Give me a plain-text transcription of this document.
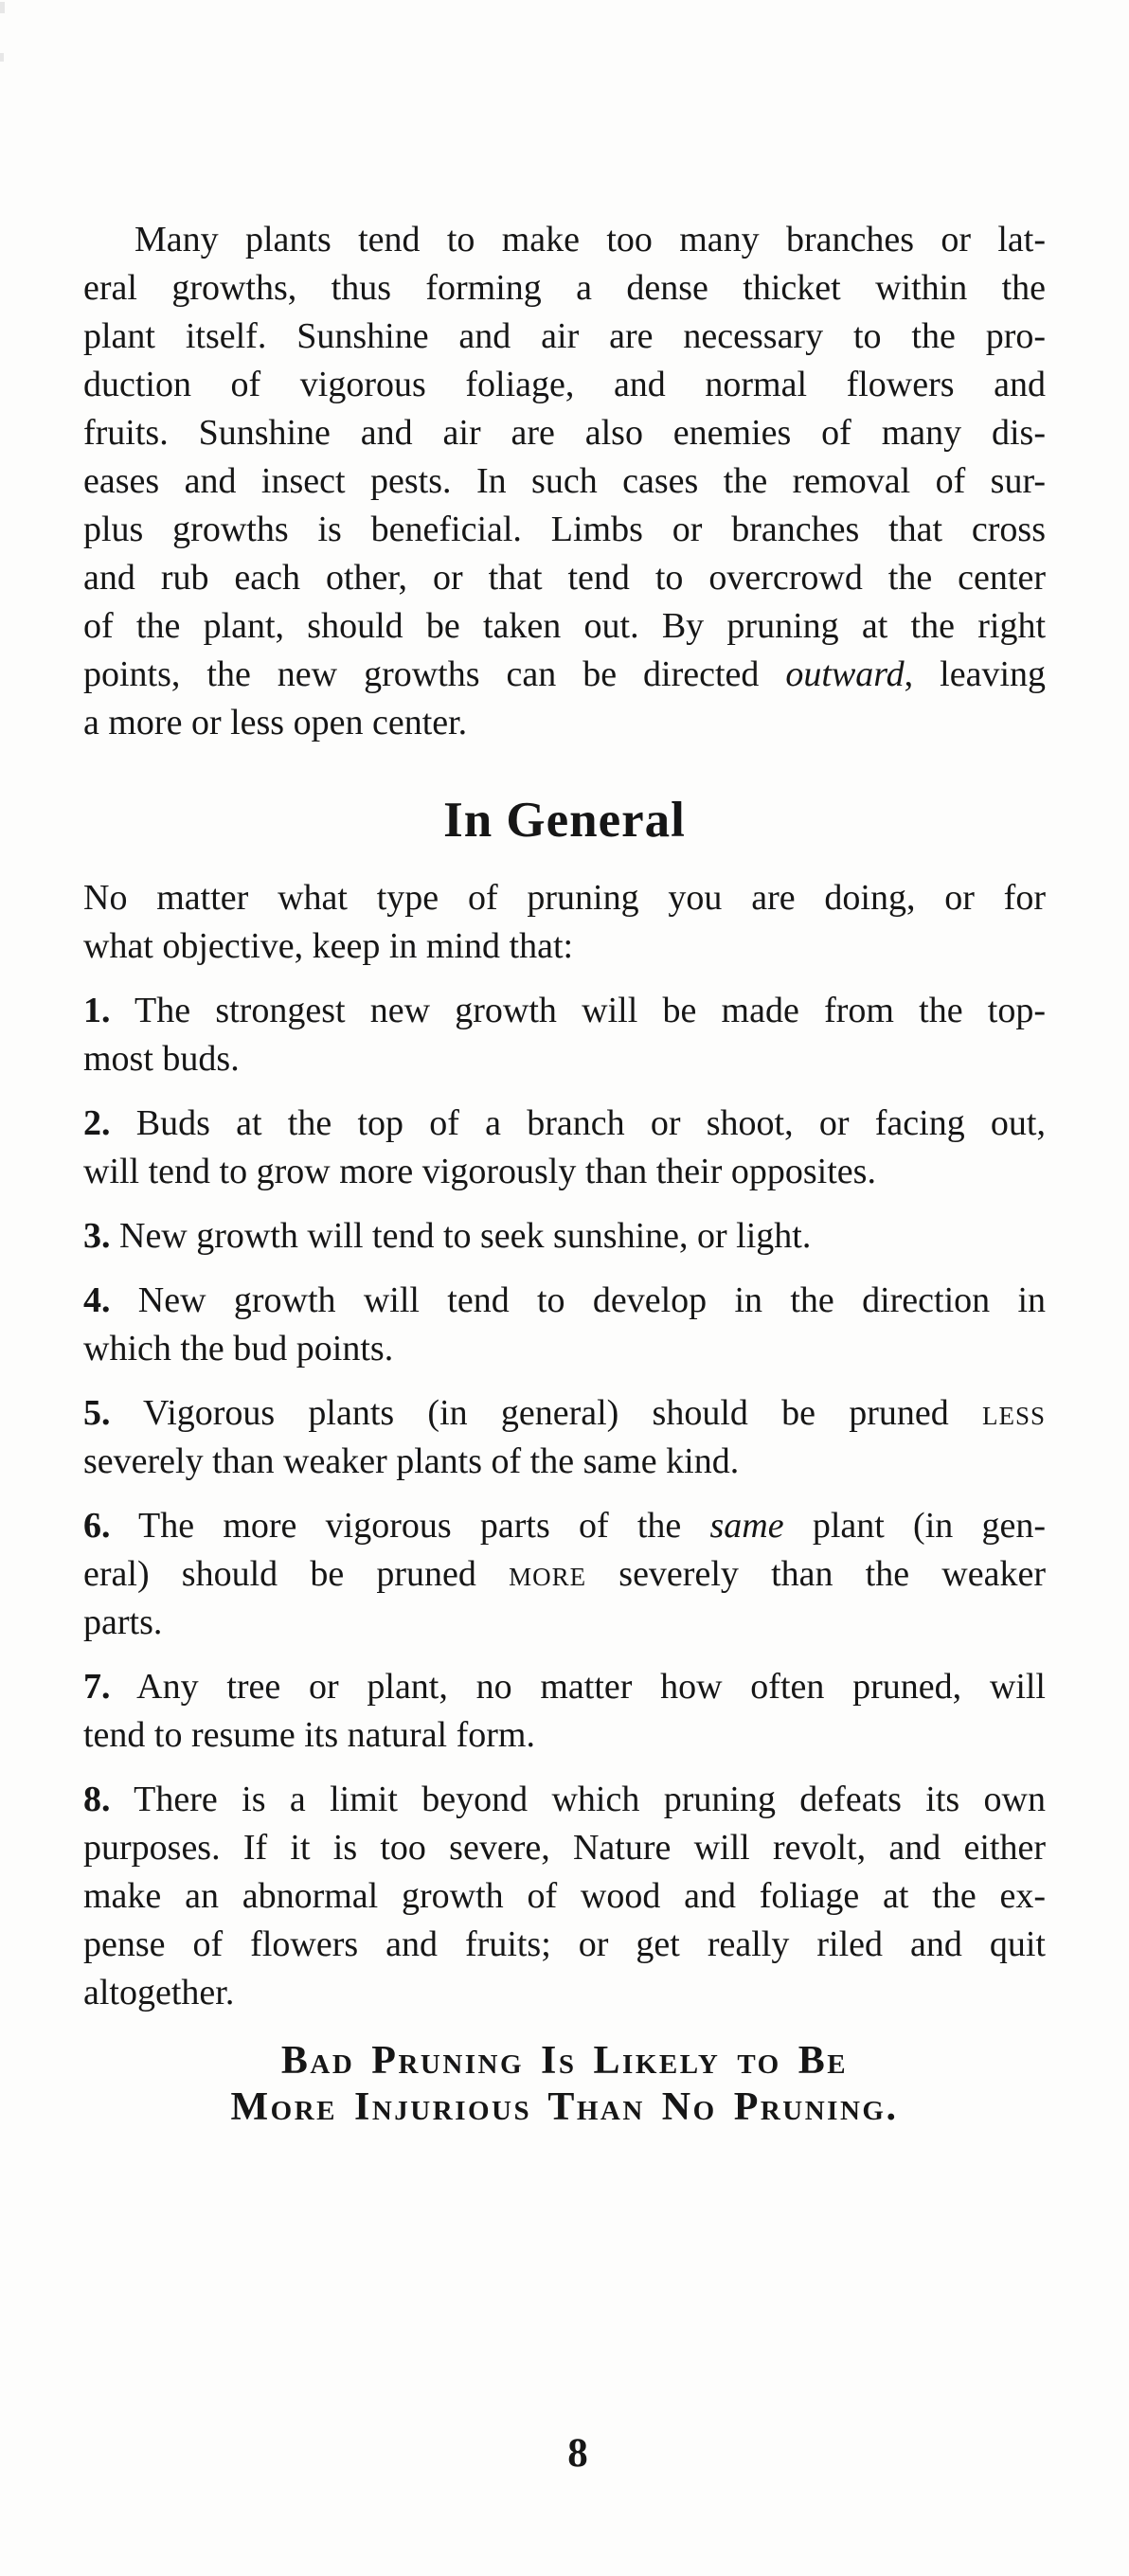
Many plants tend to make too many branches or lat-
eral growths, thus forming a dense thicket within the
plant itself. Sunshine and air are necessary to the pro-
duction of vigorous foliage, and normal flowers and
fruits. Sunshine and air are also enemies of many dis-
eases and insect pests. In such cases the removal of sur-
plus growths is beneficial. Limbs or branches that cross
and rub each other, or that tend to overcrowd the center
of the plant, should be taken out. By pruning at the right
points, the new growths can be directed outward, leaving
a more or less open center.
In General
No matter what type of pruning you are doing, or for
what objective, keep in mind that:
1. The strongest new growth will be made from the top-
most buds.
2. Buds at the top of a branch or shoot, or facing out,
will tend to grow more vigorously than their opposites.
3. New growth will tend to seek sunshine, or light.
4. New growth will tend to develop in the direction in
which the bud points.
5. Vigorous plants (in general) should be pruned less
severely than weaker plants of the same kind.
6. The more vigorous parts of the same plant (in gen-
eral) should be pruned more severely than the weaker
parts.
7. Any tree or plant, no matter how often pruned, will
tend to resume its natural form.
8. There is a limit beyond which pruning defeats its own
purposes. If it is too severe, Nature will revolt, and either
make an abnormal growth of wood and foliage at the ex-
pense of flowers and fruits; or get really riled and quit
altogether.
Bad Pruning Is Likely to Be
More Injurious Than No Pruning.
8
